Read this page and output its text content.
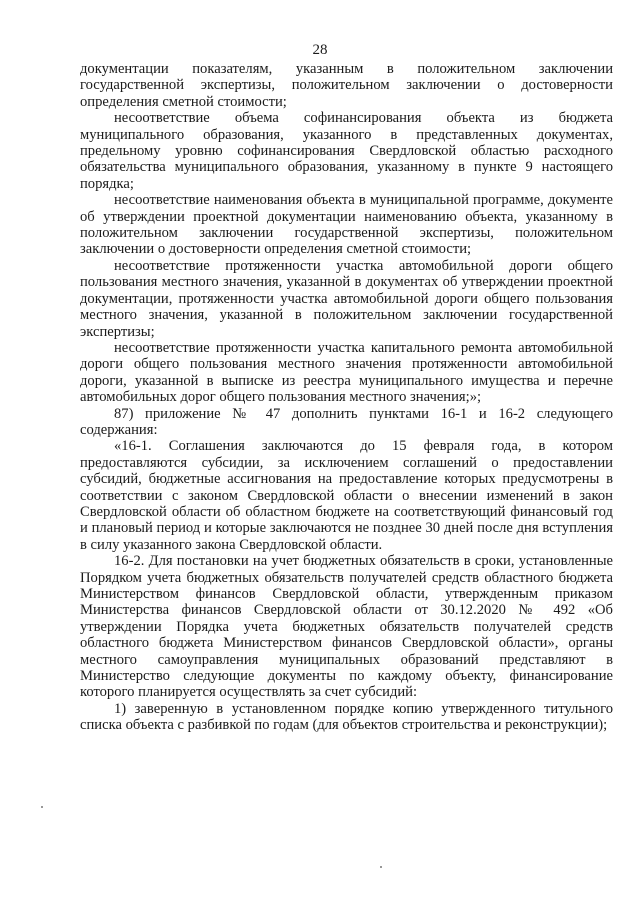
28

документации показателям, указанным в положительном заключении государственной экспертизы, положительном заключении о достоверности определения сметной стоимости;

несоответствие объема софинансирования объекта из бюджета муниципального образования, указанного в представленных документах, предельному уровню софинансирования Свердловской областью расходного обязательства муниципального образования, указанному в пункте 9 настоящего порядка;

несоответствие наименования объекта в муниципальной программе, документе об утверждении проектной документации наименованию объекта, указанному в положительном заключении государственной экспертизы, положительном заключении о достоверности определения сметной стоимости;

несоответствие протяженности участка автомобильной дороги общего пользования местного значения, указанной в документах об утверждении проектной документации, протяженности участка автомобильной дороги общего пользования местного значения, указанной в положительном заключении государственной экспертизы;

несоответствие протяженности участка капитального ремонта автомобильной дороги общего пользования местного значения протяженности автомобильной дороги, указанной в выписке из реестра муниципального имущества и перечне автомобильных дорог общего пользования местного значения;»;

87) приложение № 47 дополнить пунктами 16-1 и 16-2 следующего содержания:

«16-1. Соглашения заключаются до 15 февраля года, в котором предоставляются субсидии, за исключением соглашений о предоставлении субсидий, бюджетные ассигнования на предоставление которых предусмотрены в соответствии с законом Свердловской области о внесении изменений в закон Свердловской области об областном бюджете на соответствующий финансовый год и плановый период и которые заключаются не позднее 30 дней после дня вступления в силу указанного закона Свердловской области.

16-2. Для постановки на учет бюджетных обязательств в сроки, установленные Порядком учета бюджетных обязательств получателей средств областного бюджета Министерством финансов Свердловской области, утвержденным приказом Министерства финансов Свердловской области от 30.12.2020 № 492 «Об утверждении Порядка учета бюджетных обязательств получателей средств областного бюджета Министерством финансов Свердловской области», органы местного самоуправления муниципальных образований представляют в Министерство следующие документы по каждому объекту, финансирование которого планируется осуществлять за счет субсидий:

1) заверенную в установленном порядке копию утвержденного титульного списка объекта с разбивкой по годам (для объектов строительства и реконструкции);
